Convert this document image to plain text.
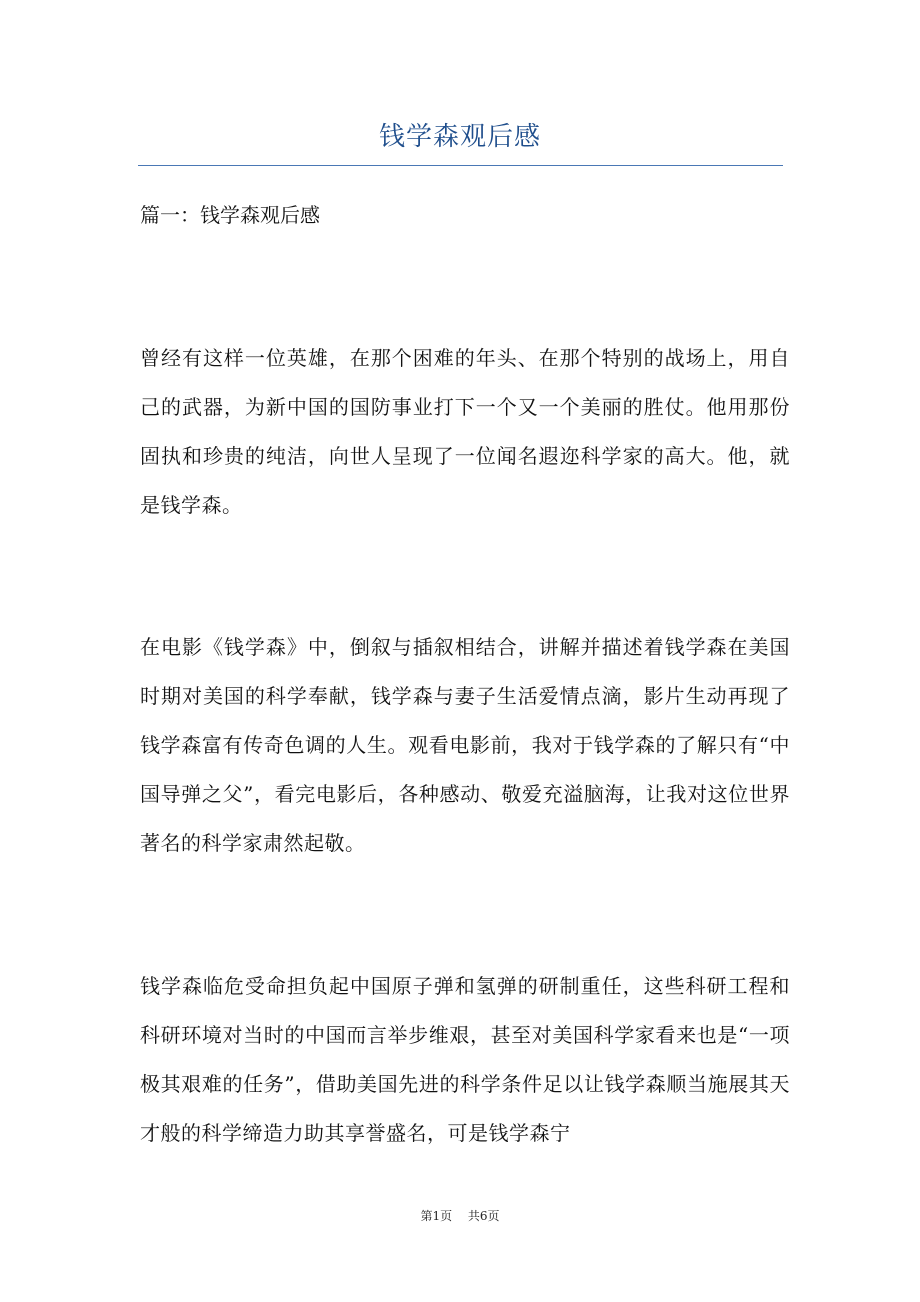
钱学森观后感
篇一：钱学森观后感
曾经有这样一位英雄，在那个困难的年头、在那个特别的战场上，用自己的武器，为新中国的国防事业打下一个又一个美丽的胜仗。他用那份固执和珍贵的纯洁，向世人呈现了一位闻名遐迩科学家的高大。他，就是钱学森。
在电影《钱学森》中，倒叙与插叙相结合，讲解并描述着钱学森在美国时期对美国的科学奉献，钱学森与妻子生活爱情点滴，影片生动再现了钱学森富有传奇色调的人生。观看电影前，我对于钱学森的了解只有“中国导弹之父”，看完电影后，各种感动、敬爱充溢脑海，让我对这位世界著名的科学家肃然起敬。
钱学森临危受命担负起中国原子弹和氢弹的研制重任，这些科研工程和科研环境对当时的中国而言举步维艰，甚至对美国科学家看来也是“一项极其艰难的任务”，借助美国先进的科学条件足以让钱学森顺当施展其天才般的科学缔造力助其享誉盛名，可是钱学森宁
第1页 共6页
